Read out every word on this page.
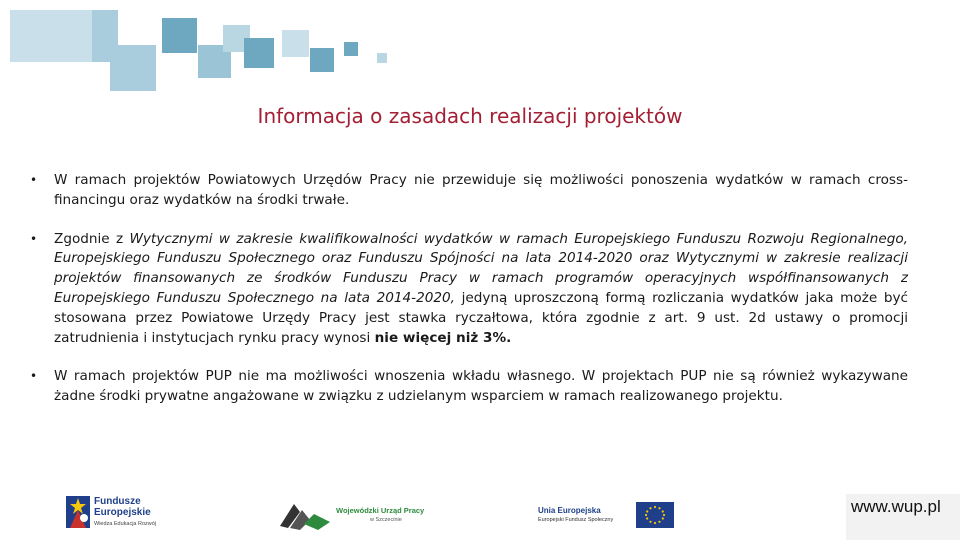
Informacja o zasadach realizacji projektów
• W ramach projektów Powiatowych Urzędów Pracy nie przewiduje się możliwości ponoszenia wydatków w ramach cross-financingu oraz wydatków na środki trwałe.
• Zgodnie z Wytycznymi w zakresie kwalifikowalności wydatków w ramach Europejskiego Funduszu Rozwoju Regionalnego, Europejskiego Funduszu Społecznego oraz Funduszu Spójności na lata 2014-2020 oraz Wytycznymi w zakresie realizacji projektów finansowanych ze środków Funduszu Pracy w ramach programów operacyjnych współfinansowanych z Europejskiego Funduszu Społecznego na lata 2014-2020, jedyną uproszczoną formą rozliczania wydatków jaka może być stosowana przez Powiatowe Urzędy Pracy jest stawka ryczałtowa, która zgodnie z art. 9 ust. 2d ustawy o promocji zatrudnienia i instytucjach rynku pracy wynosi nie więcej niż 3%.
• W ramach projektów PUP nie ma możliwości wnoszenia wkładu własnego. W projektach PUP nie są również wykazywane żadne środki prywatne angażowane w związku z udzielanym wsparciem w ramach realizowanego projektu.
Fundusze
Europejskie
Wiedza Edukacja Rozwój
Wojewódzki Urząd Pracy
w Szczecinie
Unia Europejska
Europejski Fundusz Społeczny
www.wup.pl
